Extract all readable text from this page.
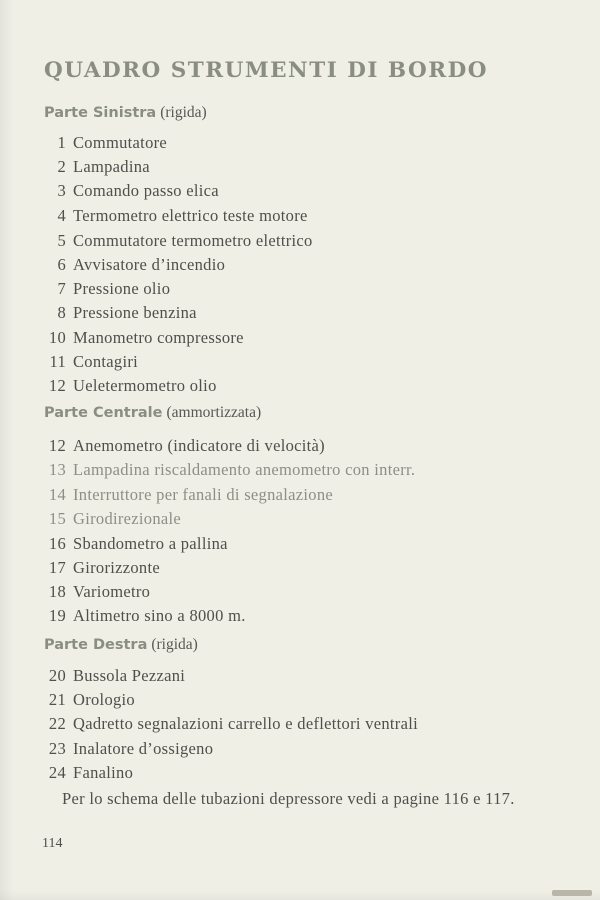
QUADRO STRUMENTI DI BORDO
Parte Sinistra (rigida)
1 Commutatore
2 Lampadina
3 Comando passo elica
4 Termometro elettrico teste motore
5 Commutatore termometro elettrico
6 Avvisatore d’incendio
7 Pressione olio
8 Pressione benzina
10 Manometro compressore
11 Contagiri
12 Ueletermometro olio
Parte Centrale (ammortizzata)
12 Anemometro (indicatore di velocità)
13 Lampadina riscaldamento anemometro con interr.
14 Interruttore per fanali di segnalazione
15 Girodirezionale
16 Sbandometro a pallina
17 Girorizzonte
18 Variometro
19 Altimetro sino a 8000 m.
Parte Destra (rigida)
20 Bussola Pezzani
21 Orologio
22 Qadretto segnalazioni carrello e deflettori ventrali
23 Inalatore d’ossigeno
24 Fanalino
Per lo schema delle tubazioni depressore vedi a pagine 116 e 117.
114
